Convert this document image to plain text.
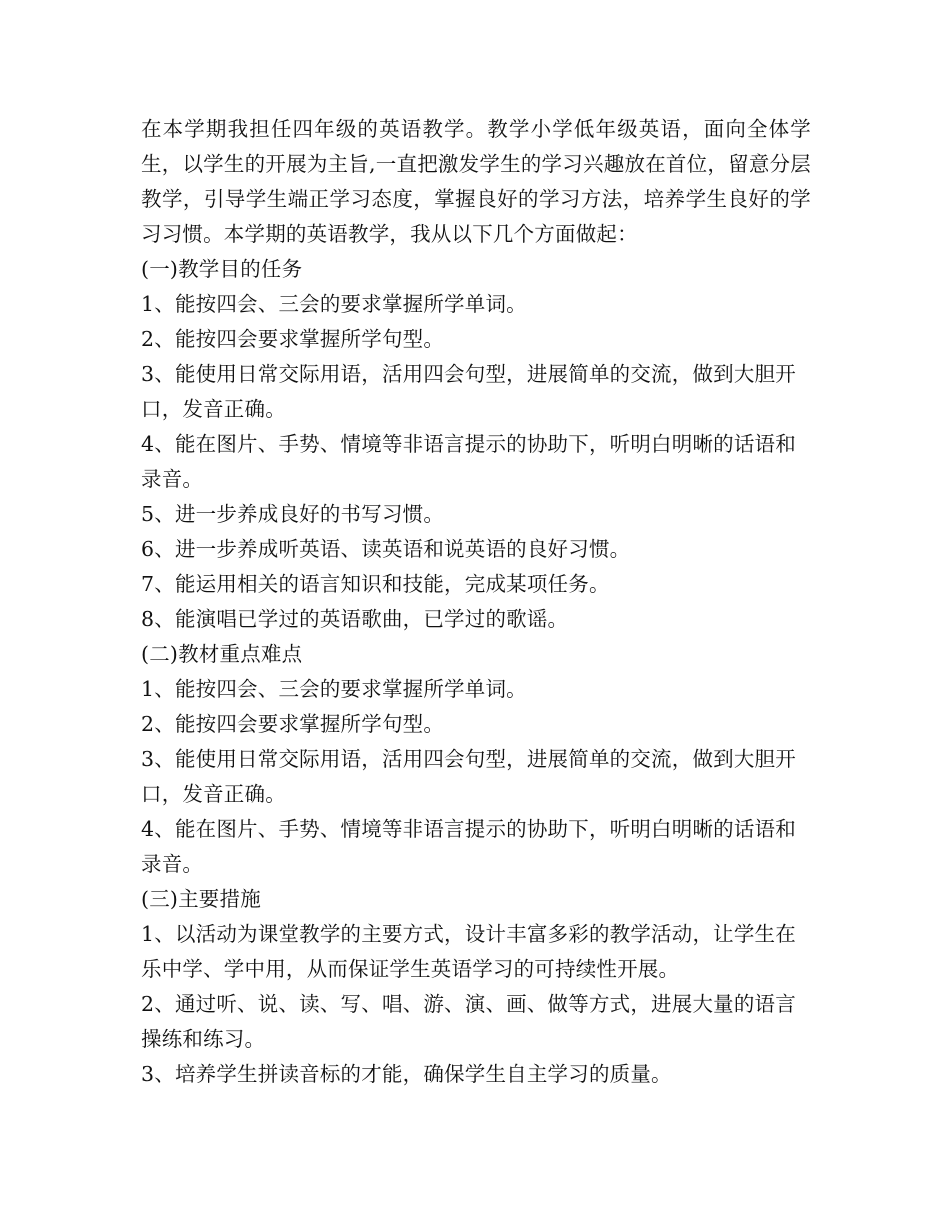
在本学期我担任四年级的英语教学。教学小学低年级英语，面向全体学生，以学生的开展为主旨,一直把激发学生的学习兴趣放在首位，留意分层教学，引导学生端正学习态度，掌握良好的学习方法，培养学生良好的学习习惯。本学期的英语教学，我从以下几个方面做起：

(一)教学目的任务

1、能按四会、三会的要求掌握所学单词。

2、能按四会要求掌握所学句型。

3、能使用日常交际用语，活用四会句型，进展简单的交流，做到大胆开口，发音正确。

4、能在图片、手势、情境等非语言提示的协助下，听明白明晰的话语和录音。

5、进一步养成良好的书写习惯。

6、进一步养成听英语、读英语和说英语的良好习惯。

7、能运用相关的语言知识和技能，完成某项任务。

8、能演唱已学过的英语歌曲，已学过的歌谣。

(二)教材重点难点

1、能按四会、三会的要求掌握所学单词。

2、能按四会要求掌握所学句型。

3、能使用日常交际用语，活用四会句型，进展简单的交流，做到大胆开口，发音正确。

4、能在图片、手势、情境等非语言提示的协助下，听明白明晰的话语和录音。

(三)主要措施

1、以活动为课堂教学的主要方式，设计丰富多彩的教学活动，让学生在乐中学、学中用，从而保证学生英语学习的可持续性开展。

2、通过听、说、读、写、唱、游、演、画、做等方式，进展大量的语言操练和练习。

3、培养学生拼读音标的才能，确保学生自主学习的质量。
